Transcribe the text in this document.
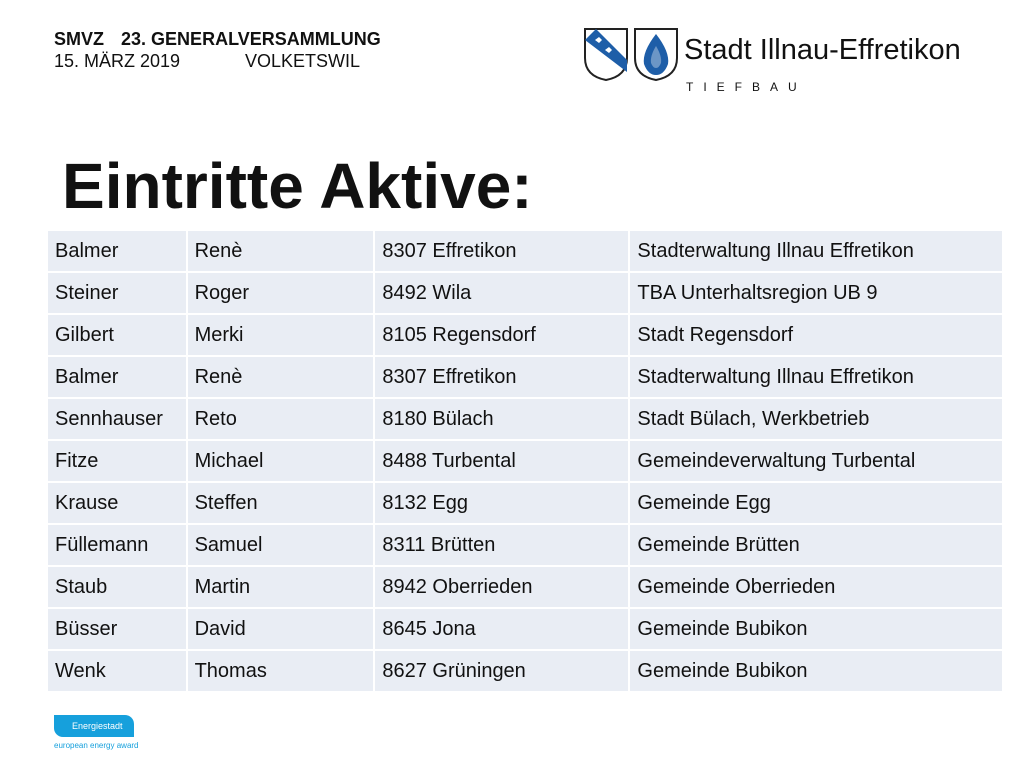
SMVZ 23. GENERALVERSAMMLUNG
15. MÄRZ 2019	VOLKETSWIL	Stadt Illnau-Effretikon
TIEFBAU
Eintritte Aktive:
Balmer	Renè	8307 Effretikon	Stadterwaltung Illnau Effretikon
Steiner	Roger	8492 Wila	TBA Unterhaltsregion UB 9
Gilbert	Merki	8105 Regensdorf	Stadt Regensdorf
Balmer	Renè	8307 Effretikon	Stadterwaltung Illnau Effretikon
Sennhauser	Reto	8180 Bülach	Stadt Bülach, Werkbetrieb
Fitze	Michael	8488 Turbental	Gemeindeverwaltung Turbental
Krause	Steffen	8132 Egg	Gemeinde Egg
Füllemann	Samuel	8311 Brütten	Gemeinde Brütten
Staub	Martin	8942 Oberrieden	Gemeinde Oberrieden
Büsser	David	8645 Jona	Gemeinde Bubikon
Wenk	Thomas	8627 Grüningen	Gemeinde Bubikon
Energiestadt
european energy award
